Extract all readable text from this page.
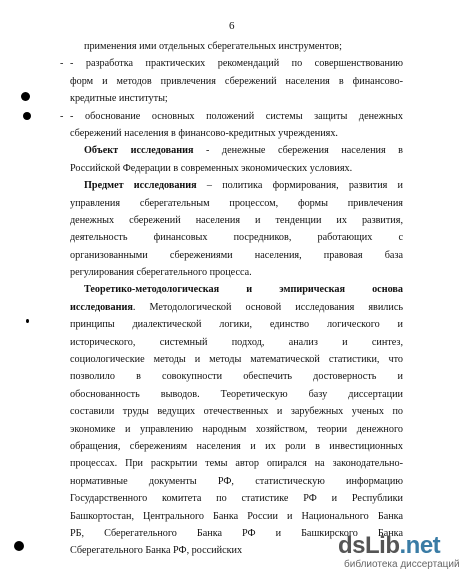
6
применения ими отдельных сберегательных инструментов;
- - разработка практических рекомендаций по совершенствованию
форм и методов привлечения сбережений населения в финансово-
кредитные институты;
- - обоснование основных положений системы защиты денежных
сбережений населения в финансово-кредитных учреждениях.
Объект исследования - денежные сбережения населения в
Российской Федерации в современных экономических условиях.
Предмет исследования – политика формирования, развития и
управления сберегательным процессом, формы привлечения
денежных сбережений населения и тенденции их развития,
деятельность финансовых посредников, работающих с
организованными сбережениями населения, правовая база
регулирования сберегательного процесса.
Теоретико-методологическая и эмпирическая основа
исследования. Методологической основой исследования явились
принципы диалектической логики, единство логического и
исторического, системный подход, анализ и синтез,
социологические методы и методы математической статистики, что
позволило в совокупности обеспечить достоверность и
обоснованность выводов. Теоретическую базу диссертации
составили труды ведущих отечественных и зарубежных ученых по
экономике и управлению народным хозяйством, теории денежного
обращения, сбережениям населения и их роли в инвестиционных
процессах. При раскрытии темы автор опирался на законодательно-
нормативные документы РФ, статистическую информацию
Государственного комитета по статистике РФ и Республики
Башкортостан, Центрального Банка России и Национального Банка
РБ, Сберегательного Банка РФ и Башкирского Банка
Сберегательного Банка РФ, российских	dsLib.net
библиотека диссертаций
